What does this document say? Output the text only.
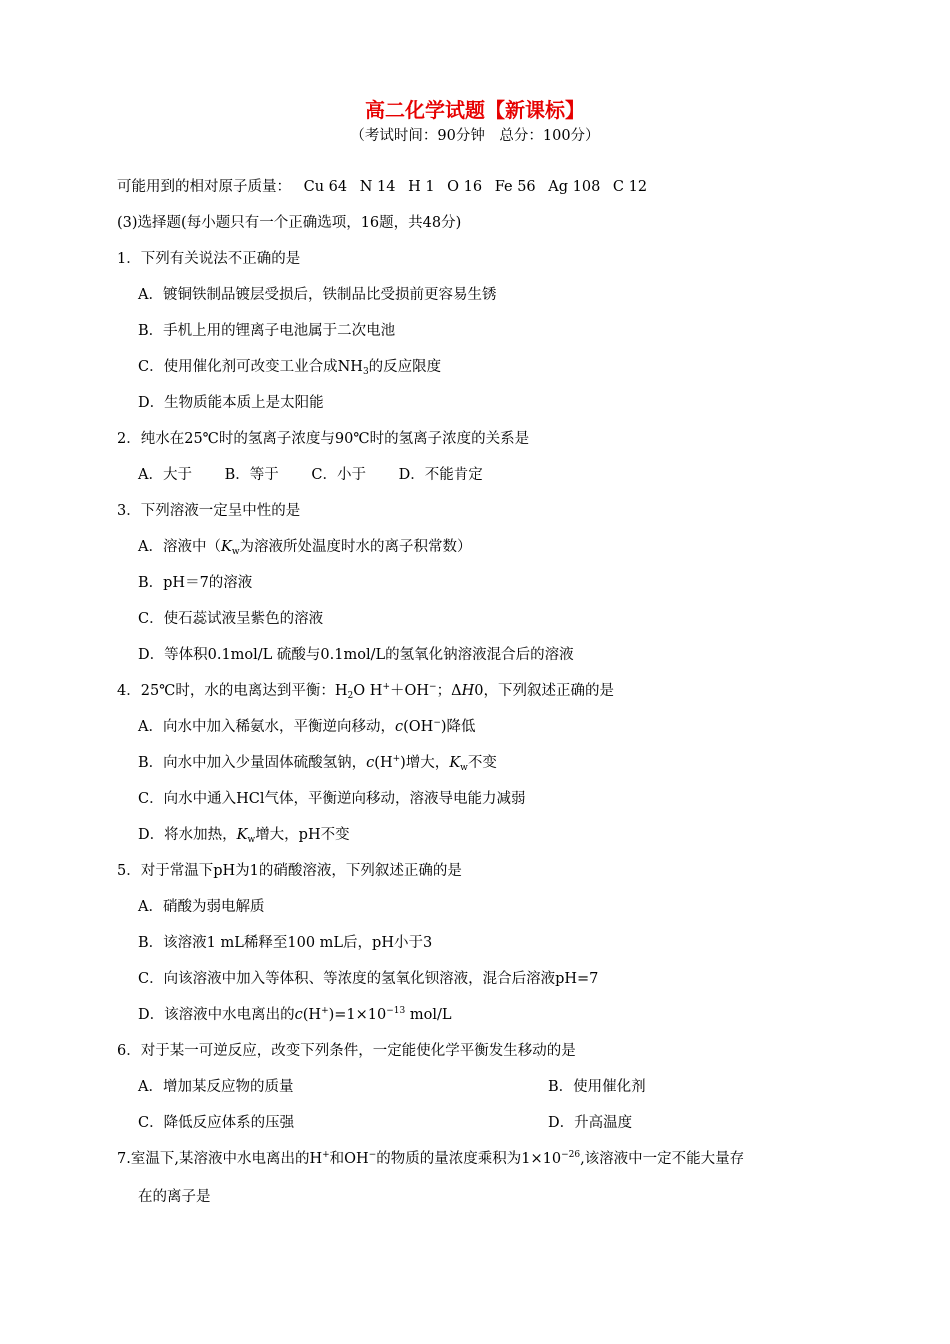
高二化学试题【新课标】
（考试时间：90分钟　总分：100分）
可能用到的相对原子质量： Cu 64 N 14 H 1 O 16 Fe 56 Ag 108 C 12
(3)选择题(每小题只有一个正确选项，16题，共48分)
1．下列有关说法不正确的是
A．镀铜铁制品镀层受损后，铁制品比受损前更容易生锈
B．手机上用的锂离子电池属于二次电池
C．使用催化剂可改变工业合成$NH_3$的反应限度
D．生物质能本质上是太阳能
2．纯水在25℃时的氢离子浓度与90℃时的氢离子浓度的关系是
A．大于 B．等于 C．小于 D．不能肯定
3．下列溶液一定呈中性的是
A．溶液中（$K_w$为溶液所处温度时水的离子积常数）
B．pH＝7的溶液
C．使石蕊试液呈紫色的溶液
D．等体积0.1mol/L 硫酸与0.1mol/L的氢氧化钠溶液混合后的溶液
4．25℃时，水的电离达到平衡：$H_2O$ H+＋OH−；ΔH0，下列叙述正确的是
A．向水中加入稀氨水，平衡逆向移动，c(OH−)降低
B．向水中加入少量固体硫酸氢钠，c(H+)增大，$K_w$不变
C．向水中通入HCl气体，平衡逆向移动，溶液导电能力减弱
D．将水加热，$K_w$增大，pH不变
5．对于常温下pH为1的硝酸溶液，下列叙述正确的是
A．硝酸为弱电解质
B．该溶液1 mL稀释至100 mL后，pH小于3
C．向该溶液中加入等体积、等浓度的氢氧化钡溶液，混合后溶液pH=7
D．该溶液中水电离出的$c(H^+)=1\times 10^{-13}$ mol/L
6．对于某一可逆反应，改变下列条件，一定能使化学平衡发生移动的是
A．增加某反应物的质量	B．使用催化剂
C．降低反应体系的压强	D．升高温度
7.室温下,某溶液中水电离出的H+和OH−的物质的量浓度乘积为$1\times 10^{-26}$,该溶液中一定不能大量存
在的离子是
